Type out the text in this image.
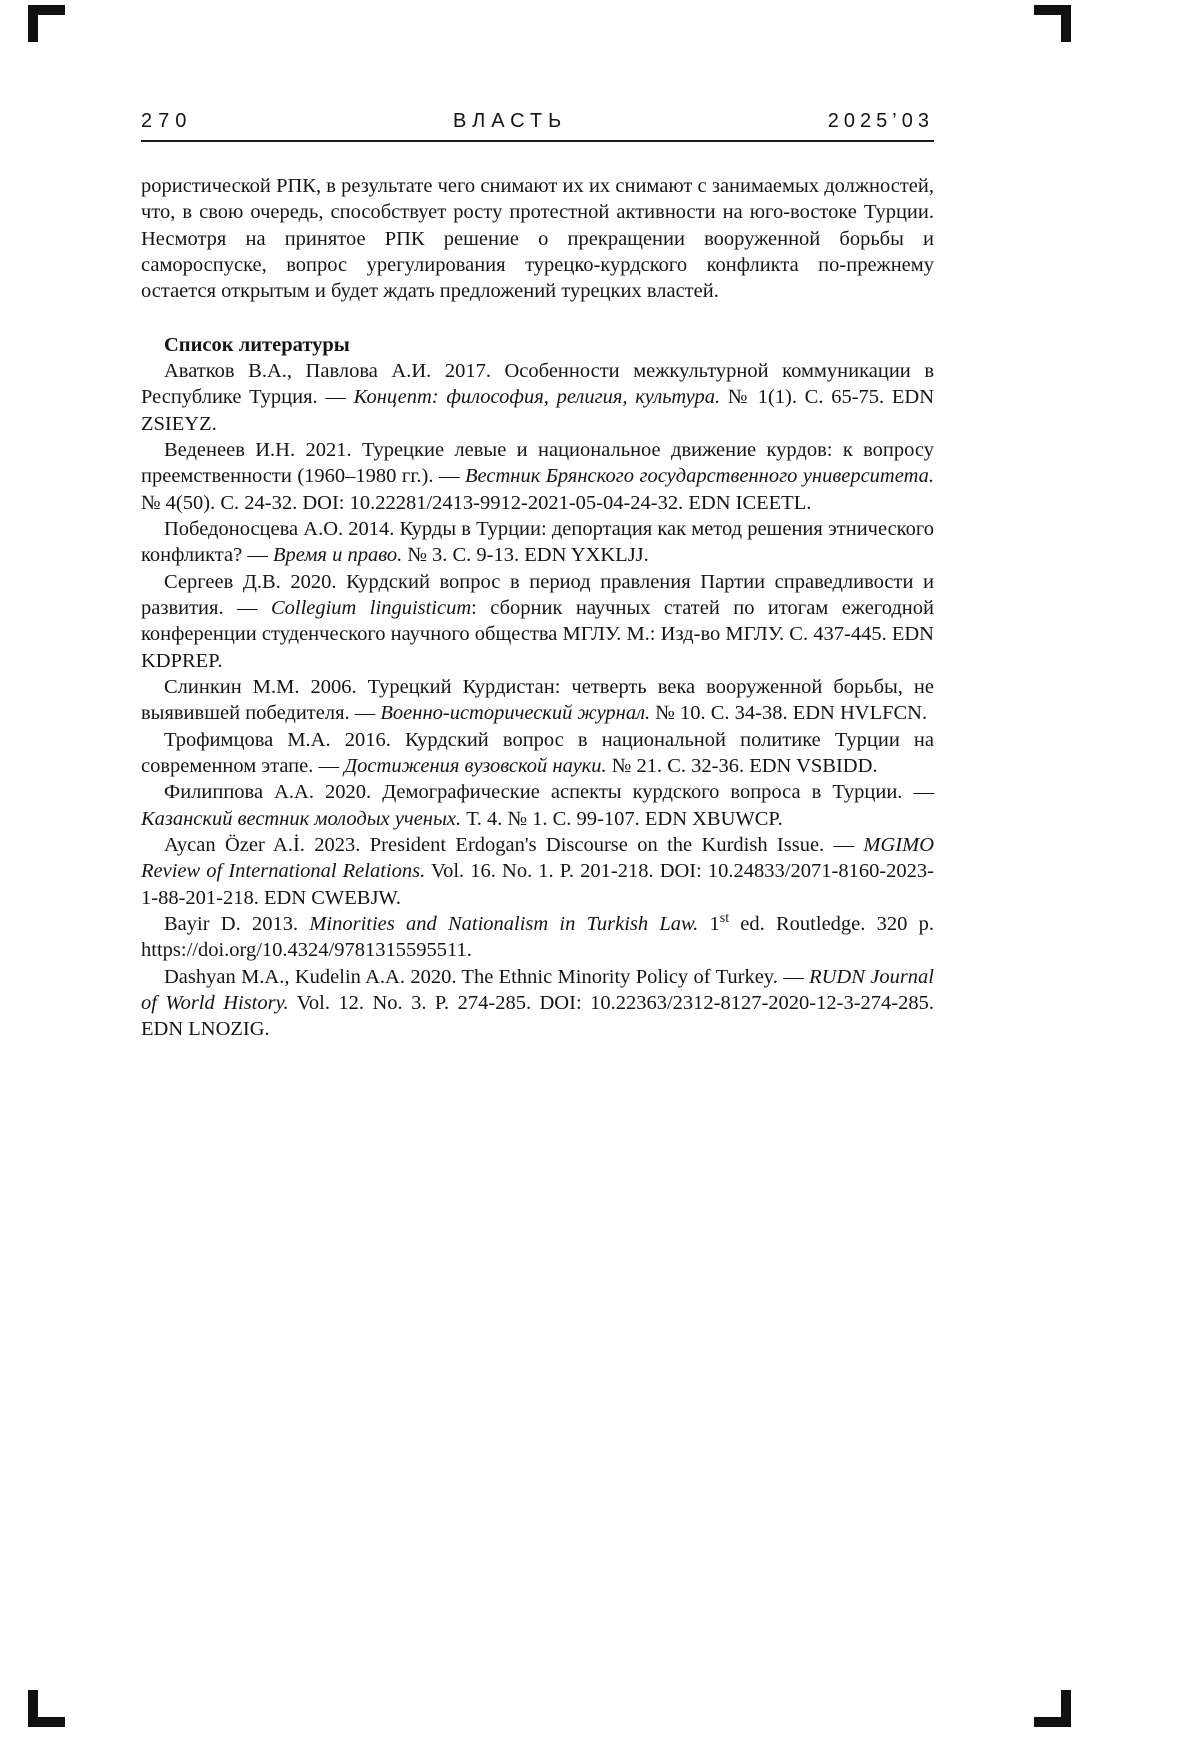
270	ВЛАСТЬ	2025’03

рористической РПК, в результате чего снимают их их снимают с занимаемых должностей, что, в свою очередь, способствует росту протестной активности на юго-востоке Турции. Несмотря на принятое РПК решение о прекращении вооруженной борьбы и самороспуске, вопрос урегулирования турецко-курдского конфликта по-прежнему остается открытым и будет ждать предложений турецких властей.

Список литературы

Аватков В.А., Павлова А.И. 2017. Особенности межкультурной коммуникации в Республике Турция. — Концепт: философия, религия, культура. № 1(1). С. 65-75. EDN ZSIEYZ.

Веденеев И.Н. 2021. Турецкие левые и национальное движение курдов: к вопросу преемственности (1960–1980 гг.). — Вестник Брянского государственного университета. № 4(50). С. 24-32. DOI: 10.22281/2413-9912-2021-05-04-24-32. EDN ICEETL.

Победоносцева А.О. 2014. Курды в Турции: депортация как метод решения этнического конфликта? — Время и право. № 3. С. 9-13. EDN YXKLJJ.

Сергеев Д.В. 2020. Курдский вопрос в период правления Партии справедливости и развития. — Collegium linguisticum: сборник научных статей по итогам ежегодной конференции студенческого научного общества МГЛУ. М.: Изд-во МГЛУ. С. 437-445. EDN KDPREP.

Слинкин М.М. 2006. Турецкий Курдистан: четверть века вооруженной борьбы, не выявившей победителя. — Военно-исторический журнал. № 10. С. 34-38. EDN HVLFCN.

Трофимцова М.А. 2016. Курдский вопрос в национальной политике Турции на современном этапе. — Достижения вузовской науки. № 21. С. 32-36. EDN VSBIDD.

Филиппова А.А. 2020. Демографические аспекты курдского вопроса в Турции. — Казанский вестник молодых ученых. Т. 4. № 1. С. 99-107. EDN XBUWCP.

Aycan Özer A.İ. 2023. President Erdogan's Discourse on the Kurdish Issue. — MGIMO Review of International Relations. Vol. 16. No. 1. P. 201-218. DOI: 10.24833/2071-8160-2023-1-88-201-218. EDN CWEBJW.

Bayir D. 2013. Minorities and Nationalism in Turkish Law. 1st ed. Routledge. 320 p. https://doi.org/10.4324/9781315595511.

Dashyan M.A., Kudelin A.A. 2020. The Ethnic Minority Policy of Turkey. — RUDN Journal of World History. Vol. 12. No. 3. P. 274-285. DOI: 10.22363/2312-8127-2020-12-3-274-285. EDN LNOZIG.
